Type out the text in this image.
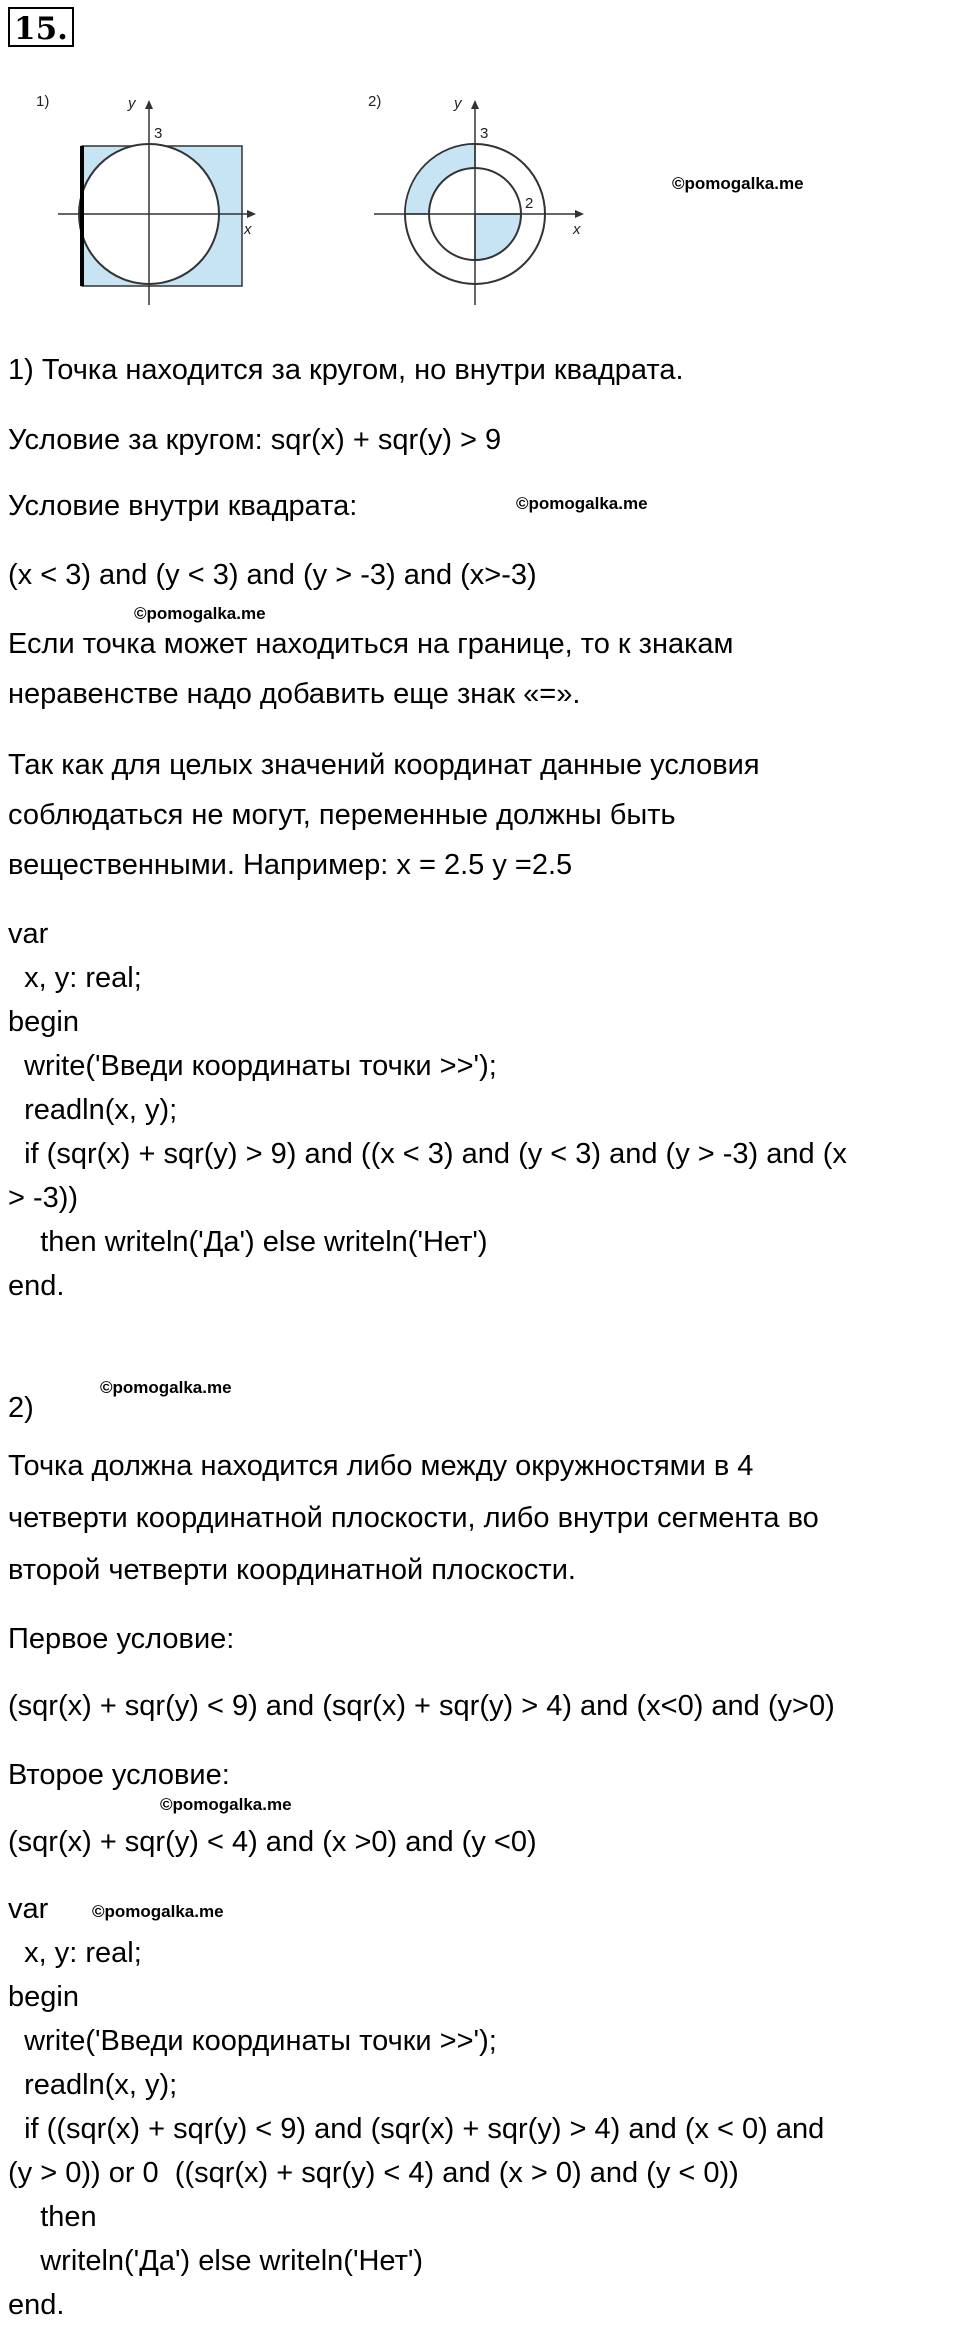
15.
1)	y
x
3
2)	y
x
3
2
©pomogalka.me
©pomogalka.me
©pomogalka.me
©pomogalka.me
©pomogalka.me
©pomogalka.me
1) Точка находится за кругом, но внутри квадрата.
Условие за кругом: sqr(x) + sqr(y) > 9
Условие внутри квадрата:
(x < 3) and (y < 3) and (y > -3) and (x>-3)
Если точка может находиться на границе, то к знакам
неравенстве надо добавить еще знак «=».
Так как для целых значений координат данные условия
соблюдаться не могут, переменные должны быть
вещественными. Например: x = 2.5 y =2.5
var
x, y: real;
begin
write('Введи координаты точки >>');
readln(x, y);
if (sqr(x) + sqr(y) > 9) and ((x < 3) and (y < 3) and (y > -3) and (x
> -3))
then writeln('Да') else writeln('Нет')
end.
2)
Точка должна находится либо между окружностями в 4
четверти координатной плоскости, либо внутри сегмента во
второй четверти координатной плоскости.
Первое условие:
(sqr(x) + sqr(y) < 9) and (sqr(x) + sqr(y) > 4) and (x<0) and (y>0)
Второе условие:
(sqr(x) + sqr(y) < 4) and (x >0) and (y <0)
var
x, y: real;
begin
write('Введи координаты точки >>');
readln(x, y);
if ((sqr(x) + sqr(y) < 9) and (sqr(x) + sqr(y) > 4) and (x < 0) and
(y > 0)) or 0  ((sqr(x) + sqr(y) < 4) and (x > 0) and (y < 0))
then
writeln('Да') else writeln('Нет')
end.
